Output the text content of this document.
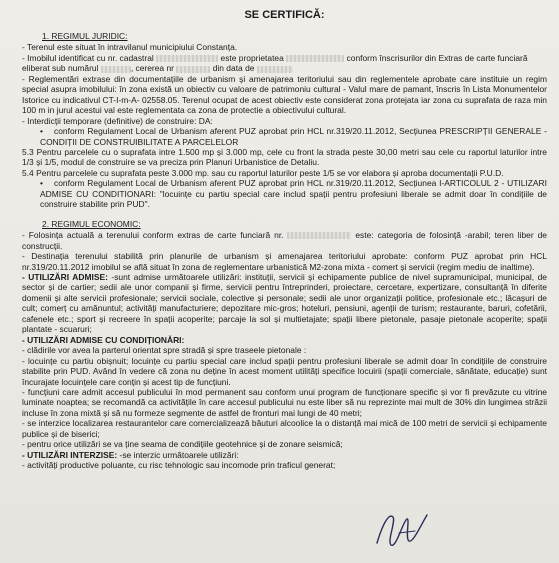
SE CERTIFICĂ:
1. REGIMUL JURIDIC:

- Terenul este situat în intravilanul municipiului Constanța.

- Imobilul identificat cu nr. cadastral	este proprietatea	conform înscrisurilor din Extras de carte funciară

eliberat sub numărul	, cererea nr	din data de

- Reglementări extrase din documentațiile de urbanism și amenajarea teritoriului sau din reglementele aprobate care instituie un regim special asupra imobilului: în zona există un obiectiv cu valoare de patrimoniu cultural - Valul mare de pamant, înscris în Lista Monumentelor Istorice cu indicativul CT-I-m-A- 02558.05. Terenul ocupat de acest obiectiv este considerat zona protejata iar zona cu suprafata de raza min 100 m in jurul acestui val este reglementata ca zona de protectie a obiectivului cultural.

- Interdicții temporare (definitive) de construire: DA:

• conform Regulament Local de Urbanism aferent PUZ aprobat prin HCL nr.319/20.11.2012, Secțiunea PRESCRIPȚII GENERALE - CONDIȚII DE CONSTRUIBILITATE A PARCELELOR

5.3 Pentru parcelele cu o suprafata intre 1.500 mp și 3.000 mp, cele cu front la strada peste 30,00 metri sau cele cu raportul laturilor intre 1/3 și 1/5, modul de construire se va preciza prin Planuri Urbanistice de Detaliu.

5.4 Pentru parcelele cu suprafata peste 3.000 mp. sau cu raportul laturilor peste 1/5 se vor elabora și aproba documentații P.U.D.

• conform Regulament Local de Urbanism aferent PUZ aprobat prin HCL nr.319/20.11.2012, Secțiunea I-ARTICOLUL 2 - UTILIZARI ADMISE CU CONDITIONARI: "locuințe cu partiu special care includ spații pentru profesiuni liberale se admit doar în condițiile de construire stabilite prin PUD".

2. REGIMUL ECONOMIC:

- Folosința actuală a terenului conform extras de carte funciară nr.	este: categoria de folosință -arabil; teren liber de construcții.

- Destinația terenului stabilită prin planurile de urbanism și amenajarea teritoriului aprobate: conform PUZ aprobat prin HCL nr.319/20.11.2012 imobilul se află situat în zona de reglementare urbanistică M2-zona mixta - comert și servicii (regim mediu de inaltime).

- UTILIZĂRI ADMISE: -sunt admise următoarele utilizări: instituții, servicii și echipamente publice de nivel supramunicipal, municipal, de sector și de cartier; sedii ale unor companii și firme, servicii pentru întreprinderi, proiectare, cercetare, expertizare, consultanță în diferite domenii și alte servicii profesionale; servicii sociale, colective și personale; sedii ale unor organizații politice, profesionale etc.; lăcașuri de cult; comerț cu amănuntul; activități manufacturiere; depozitare mic-gros; hoteluri, pensiuni, agenții de turism; restaurante, baruri, cofetării, cafenele etc.; sport și recreere în spații acoperite; parcaje la sol și multietajate; spații libere pietonale, pasaje pietonale acoperite; spații plantate - scuaruri;

- UTILIZĂRI ADMISE CU CONDIȚIONĂRI:

- clădirile vor avea la parterul orientat spre stradă și spre traseele pietonale :

- locuințe cu partiu obișnuit; locuințe cu partiu special care includ spații pentru profesiuni liberale se admit doar în condițiile de construire stabilite prin PUD. Având în vedere că zona nu deține în acest moment utilități specifice locuirii (spații comerciale, sănătate, educație) sunt încurajate locuințele care conțin și acest tip de funcțiuni.

- funcțiuni care admit accesul publicului în mod permanent sau conform unui program de funcționare specific și vor fi prevăzute cu vitrine luminate noaptea; se recomandă ca activitățile în care accesul publicului nu este liber să nu reprezinte mai mult de 30% din lungimea străzii incluse în zona mixtă și să nu formeze segmente de astfel de fronturi mai lungi de 40 metri;

- se interzice localizarea restaurantelor care comercializează băuturi alcoolice la o distanță mai mică de 100 metri de servicii și echipamente publice și de biserici;

- pentru orice utilizări se va ține seama de condițiile geotehnice și de zonare seismică;

- UTILIZĂRI INTERZISE: -se interzic următoarele utilizări:

- activități productive poluante, cu risc tehnologic sau incomode prin traficul generat;
